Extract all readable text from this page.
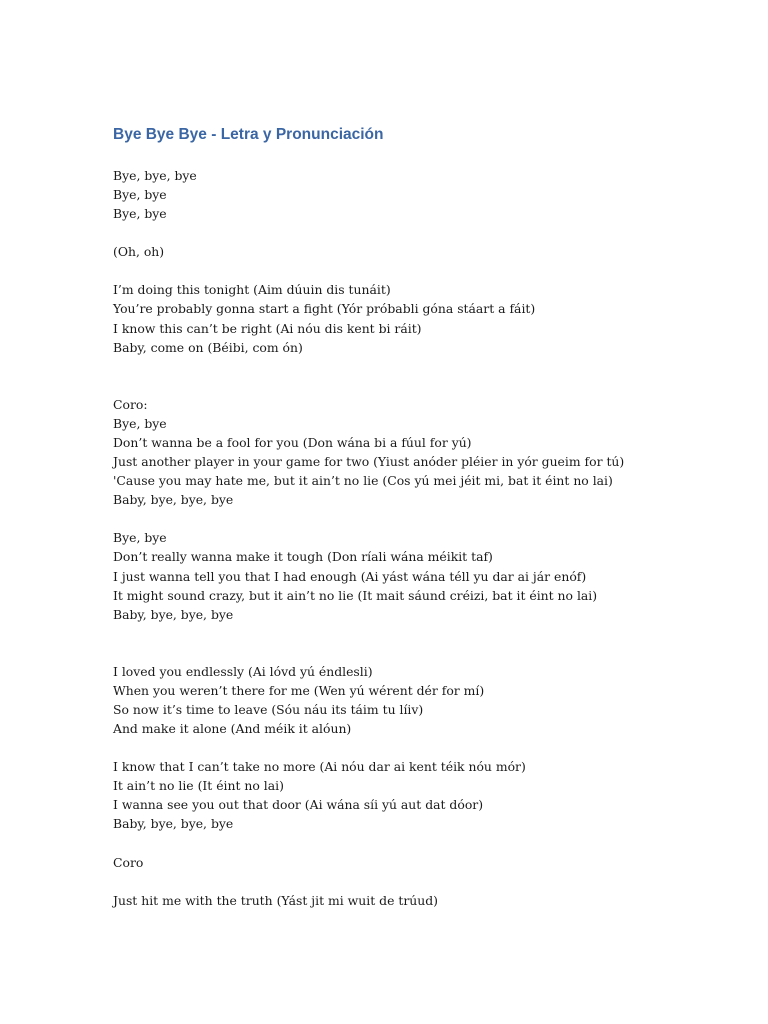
Bye Bye Bye - Letra y Pronunciación
Bye, bye, bye
Bye, bye
Bye, bye
(Oh, oh)
I’m doing this tonight (Aim dúuin dis tunáit)
You’re probably gonna start a fight (Yór próbabli góna stáart a fáit)
I know this can’t be right (Ai nóu dis kent bi ráit)
Baby, come on (Béibi, com ón)
Coro:
Bye, bye
Don’t wanna be a fool for you (Don wána bi a fúul for yú)
Just another player in your game for two (Yiust anóder pléier in yór gueim for tú)
'Cause you may hate me, but it ain’t no lie (Cos yú mei jéit mi, bat it éint no lai)
Baby, bye, bye, bye
Bye, bye
Don’t really wanna make it tough (Don ríali wána méikit taf)
I just wanna tell you that I had enough (Ai yást wána téll yu dar ai jár enóf)
It might sound crazy, but it ain’t no lie (It mait sáund créizi, bat it éint no lai)
Baby, bye, bye, bye
I loved you endlessly (Ai lóvd yú éndlesli)
When you weren’t there for me (Wen yú wérent dér for mí)
So now it’s time to leave (Sóu náu its táim tu líiv)
And make it alone (And méik it alóun)
I know that I can’t take no more (Ai nóu dar ai kent téik nóu mór)
It ain’t no lie (It éint no lai)
I wanna see you out that door (Ai wána síi yú aut dat dóor)
Baby, bye, bye, bye
Coro
Just hit me with the truth (Yást jit mi wuit de trúud)
